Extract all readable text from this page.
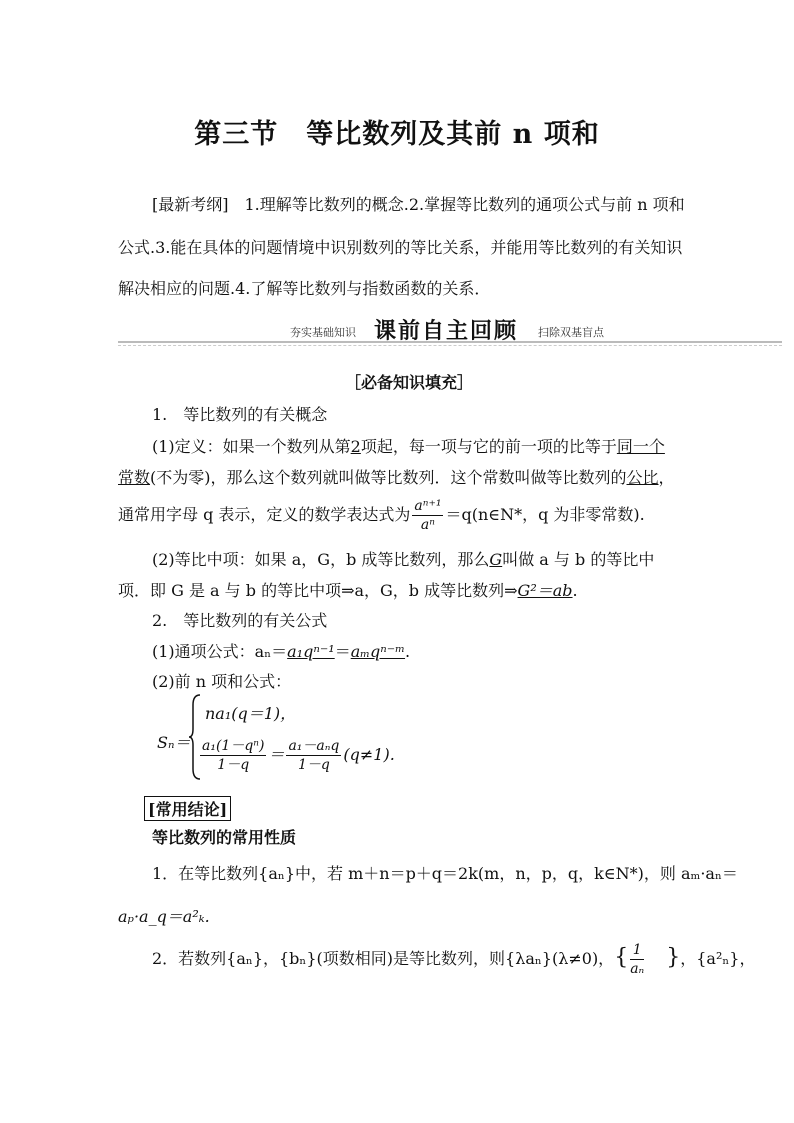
第三节　等比数列及其前 n 项和
[最新考纲]　1.理解等比数列的概念.2.掌握等比数列的通项公式与前 n 项和
公式.3.能在具体的问题情境中识别数列的等比关系，并能用等比数列的有关知识
解决相应的问题.4.了解等比数列与指数函数的关系．
夯实基础知识 课前自主回顾 扫除双基盲点
［必备知识填充］
1.　等比数列的有关概念
(1)定义：如果一个数列从第2项起，每一项与它的前一项的比等于同一个
常数(不为零)，那么这个数列就叫做等比数列．这个常数叫做等比数列的公比，
通常用字母 q 表示，定义的数学表达式为 $\frac{\text{aⁿ⁺¹}}{\text{aⁿ}}$ ＝q(n∈N*，q 为非零常数).
(2)等比中项：如果 a，G，b 成等比数列，那么G叫做 a 与 b 的等比中
项．即 G 是 a 与 b 的等比中项⇒a，G，b 成等比数列⇒G²＝ab.
2.　等比数列的有关公式
(1)通项公式：aₙ＝a₁qⁿ⁻¹＝aₘqⁿ⁻ᵐ.
(2)前 n 项和公式：
Sₙ＝
na₁(q＝1)，
$\frac{\text{a₁(1－qⁿ)}}{1-q} = \frac{\text{a₁－aₙq}}{1-q} (q\ne 1)$.
[常用结论]
等比数列的常用性质
1．在等比数列{aₙ}中，若 m＋n＝p＋q＝2k(m，n，p，q，k∈N*)，则 aₘ·aₙ＝
aₚ·a_q＝a²ₖ.
2．若数列{aₙ}，{bₙ}(项数相同)是等比数列，则{λaₙ}(λ≠0)，{ $\frac{1}{\text{aₙ}}$ }，{a²ₙ}，
